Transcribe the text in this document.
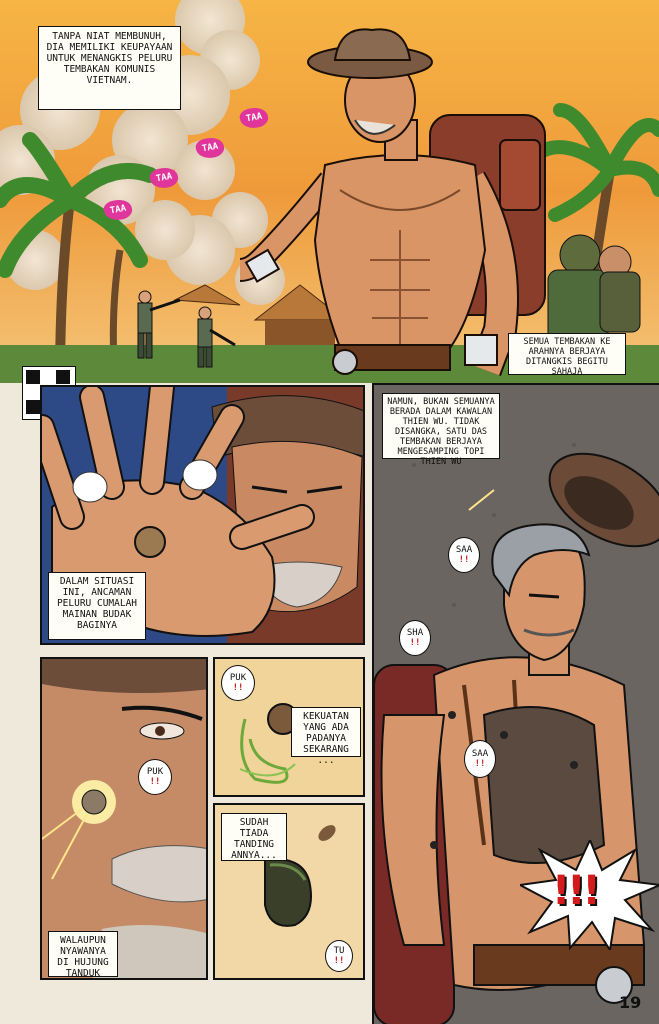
TANPA NIAT MEMBUNUH, DIA MEMILIKI KEUPAYAAN UNTUK MENANGKIS PELURU TEMBAKAN KOMUNIS VIETNAM.
TAA
TAA
TAA
TAA
SEMUA TEMBAKAN KE ARAHNYA BERJAYA DITANGKIS BEGITU SAHAJA
DALAM SITUASI INI, ANCAMAN PELURU CUMALAH MAINAN BUDAK BAGINYA
NAMUN, BUKAN SEMUANYA BERADA DALAM KAWALAN THIEN WU. TIDAK DISANGKA, SATU DAS TEMBAKAN BERJAYA MENGESAMPING TOPI THIEN WU
SAA
!!
SHA
!!
SAA
!!
!!!
19
PUK
!!
WALAUPUN NYAWANYA DI HUJUNG TANDUK
PUK
!!
KEKUATAN YANG ADA PADANYA SEKARANG ...
SUDAH TIADA TANDING ANNYA...
TU
!!
